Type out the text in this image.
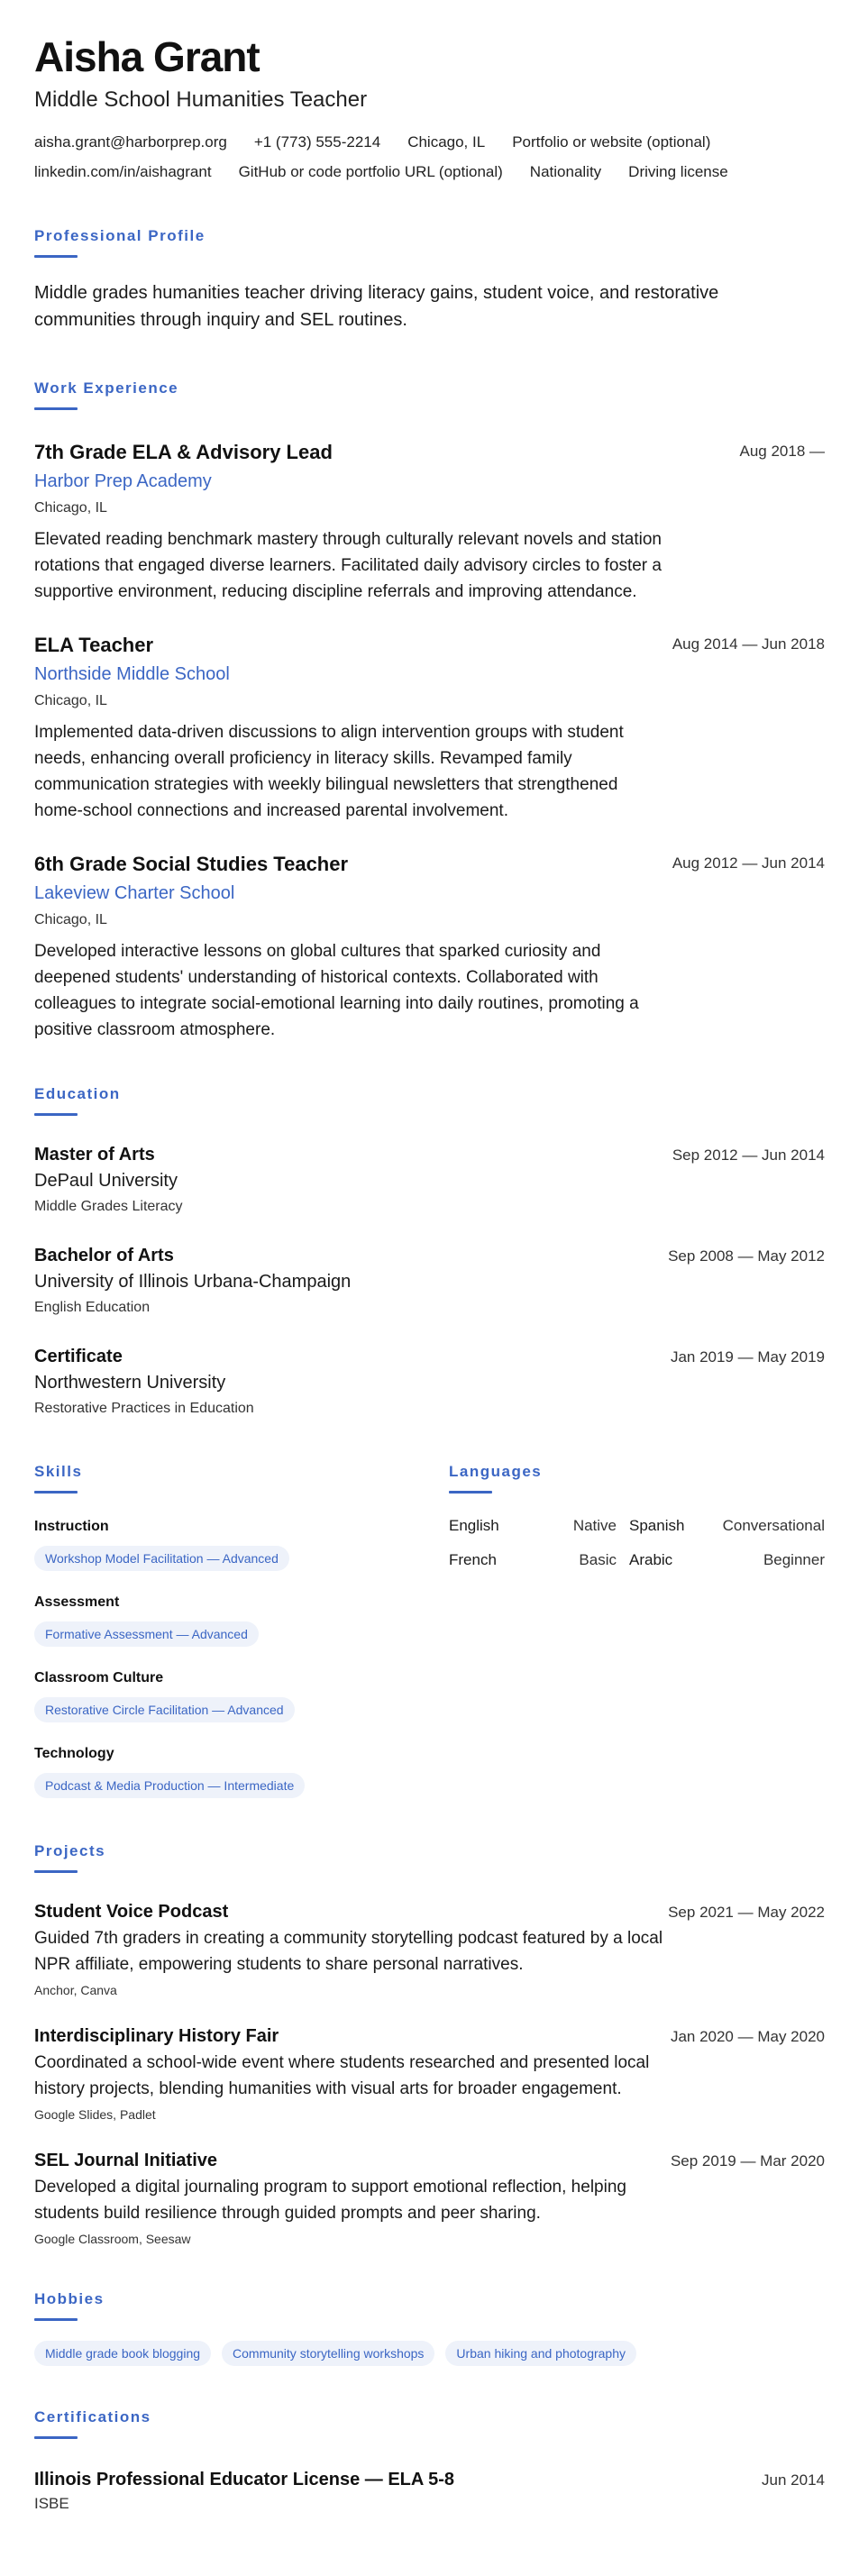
Aisha Grant
Middle School Humanities Teacher
aisha.grant@harborprep.org +1 (773) 555-2214 Chicago, IL Portfolio or website (optional)
linkedin.com/in/aishagrant GitHub or code portfolio URL (optional) Nationality Driving license
Professional Profile
Middle grades humanities teacher driving literacy gains, student voice, and restorative communities through inquiry and SEL routines.
Work Experience
Aug 2018 —
7th Grade ELA & Advisory Lead
Harbor Prep Academy
Chicago, IL
Elevated reading benchmark mastery through culturally relevant novels and station rotations that engaged diverse learners. Facilitated daily advisory circles to foster a supportive environment, reducing discipline referrals and improving attendance.
Aug 2014 — Jun 2018
ELA Teacher
Northside Middle School
Chicago, IL
Implemented data-driven discussions to align intervention groups with student needs, enhancing overall proficiency in literacy skills. Revamped family communication strategies with weekly bilingual newsletters that strengthened home-school connections and increased parental involvement.
Aug 2012 — Jun 2014
6th Grade Social Studies Teacher
Lakeview Charter School
Chicago, IL
Developed interactive lessons on global cultures that sparked curiosity and deepened students' understanding of historical contexts. Collaborated with colleagues to integrate social-emotional learning into daily routines, promoting a positive classroom atmosphere.
Education
Sep 2012 — Jun 2014
Master of Arts
DePaul University
Middle Grades Literacy
Sep 2008 — May 2012
Bachelor of Arts
University of Illinois Urbana-Champaign
English Education
Jan 2019 — May 2019
Certificate
Northwestern University
Restorative Practices in Education
Skills
Instruction
Workshop Model Facilitation — Advanced
Assessment
Formative Assessment — Advanced
Classroom Culture
Restorative Circle Facilitation — Advanced
Technology
Podcast & Media Production — Intermediate
Languages
English	Native Spanish Conversational
French	Basic Arabic	Beginner
Projects
Sep 2021 — May 2022
Student Voice Podcast
Guided 7th graders in creating a community storytelling podcast featured by a local NPR affiliate, empowering students to share personal narratives.
Anchor, Canva
Jan 2020 — May 2020
Interdisciplinary History Fair
Coordinated a school-wide event where students researched and presented local history projects, blending humanities with visual arts for broader engagement.
Google Slides, Padlet
Sep 2019 — Mar 2020
SEL Journal Initiative
Developed a digital journaling program to support emotional reflection, helping students build resilience through guided prompts and peer sharing.
Google Classroom, Seesaw
Hobbies
Middle grade book blogging	Community storytelling workshops	Urban hiking and photography
Certifications
Jun 2014
Illinois Professional Educator License — ELA 5-8
ISBE
